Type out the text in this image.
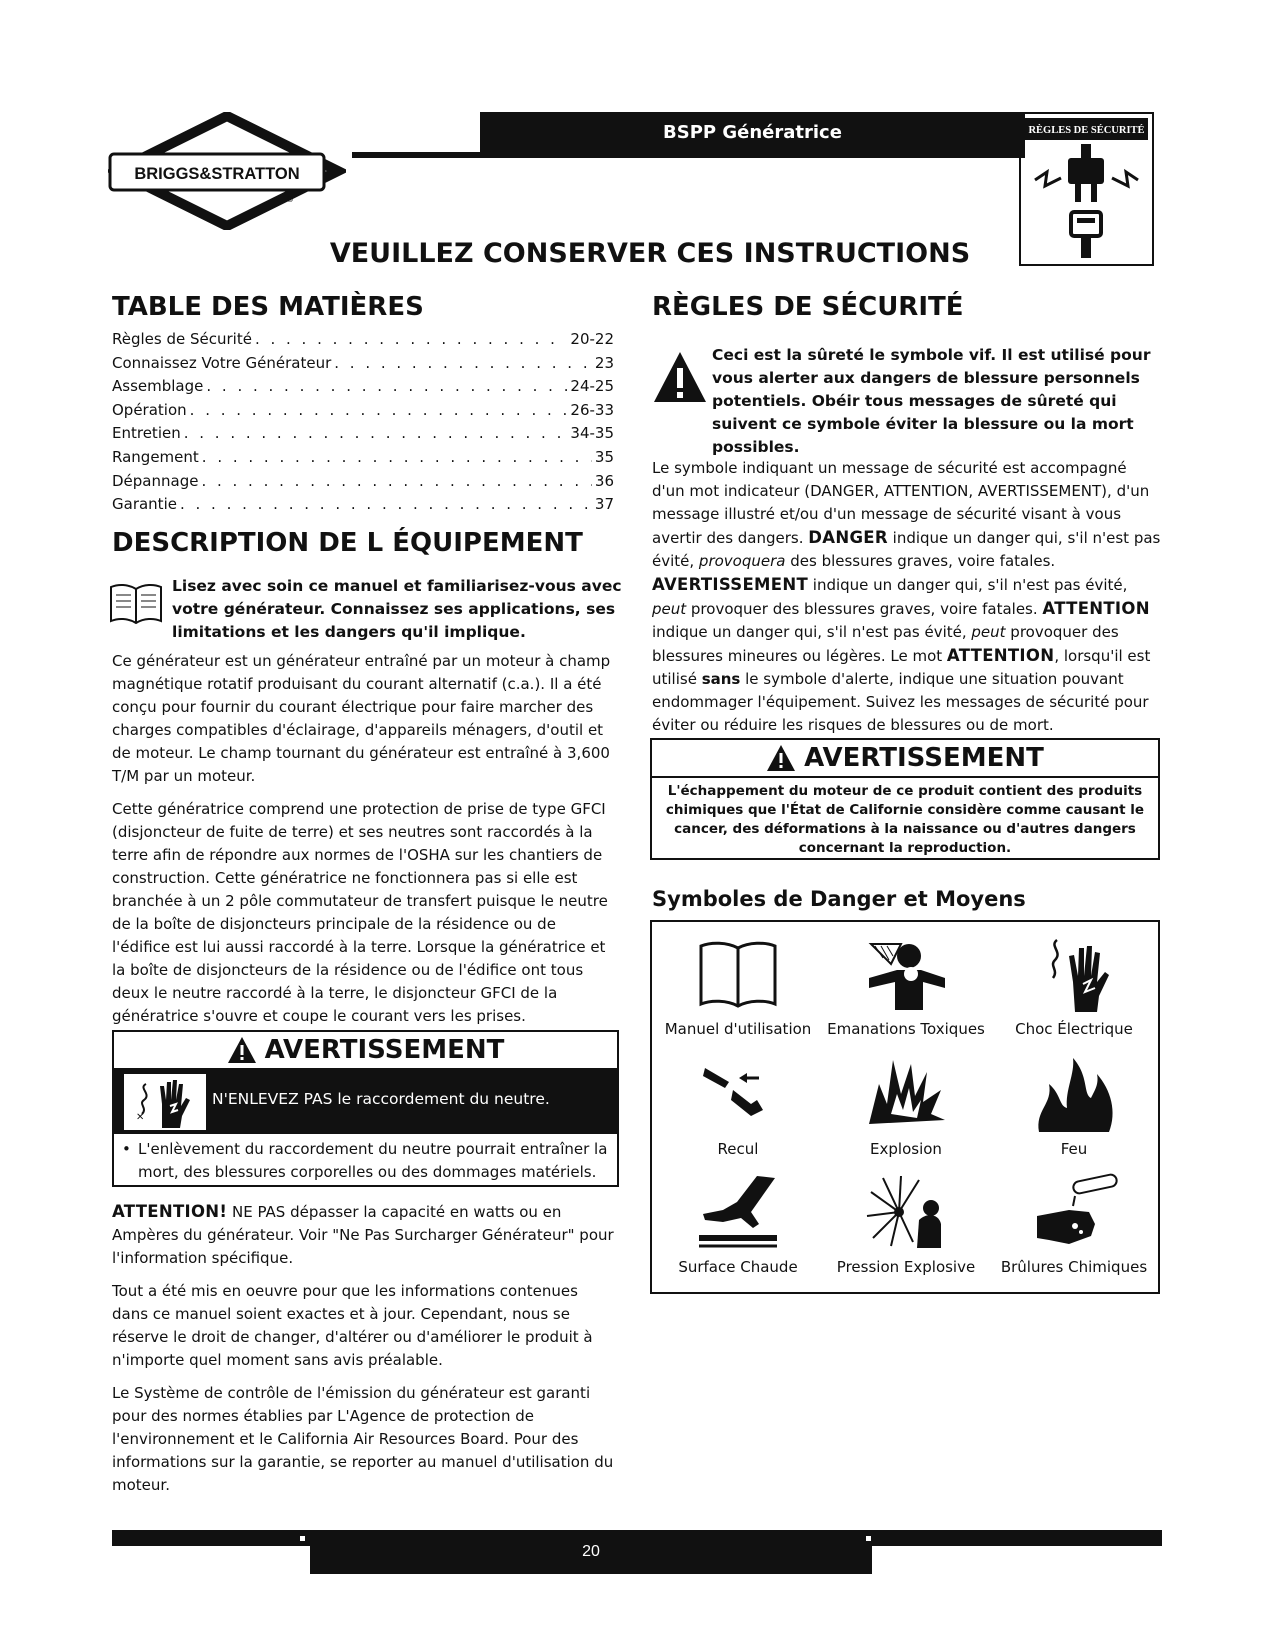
BRIGGS&STRATTON
®
BSPP Génératrice	RÈGLES DE SÉCURITÉ
VEUILLEZ CONSERVER CES INSTRUCTIONS
TABLE DES MATIÈRES
Règles de Sécurité . . .	20-22
Connaissez Votre Générateur . . .	23
Assemblage . . .	24-25
Opération . . .	26-33
Entretien . . .	34-35
Rangement . . .	35
Dépannage . . .	36
Garantie . . .	37
DESCRIPTION DE L ÉQUIPEMENT
Lisez avec soin ce manuel et familiarisez-vous avec votre générateur. Connaissez ses applications, ses limitations et les dangers qu'il implique.

Ce générateur est un générateur entraîné par un moteur à champ magnétique rotatif produisant du courant alternatif (c.a.). Il a été conçu pour fournir du courant électrique pour faire marcher des charges compatibles d'éclairage, d'appareils ménagers, d'outil et de moteur. Le champ tournant du générateur est entraîné à 3,600 T/M par un moteur.

Cette génératrice comprend une protection de prise de type GFCI (disjoncteur de fuite de terre) et ses neutres sont raccordés à la terre afin de répondre aux normes de l'OSHA sur les chantiers de construction. Cette génératrice ne fonctionnera pas si elle est branchée à un 2 pôle commutateur de transfert puisque le neutre de la boîte de disjoncteurs principale de la résidence ou de l'édifice est lui aussi raccordé à la terre. Lorsque la génératrice et la boîte de disjoncteurs de la résidence ou de l'édifice ont tous deux le neutre raccordé à la terre, le disjoncteur GFCI de la génératrice s'ouvre et coupe le courant vers les prises.

AVERTISSEMENT
✕
N'ENLEVEZ PAS le raccordement du neutre.
• L'enlèvement du raccordement du neutre pourrait entraîner la mort, des blessures corporelles ou des dommages matériels.

ATTENTION! NE PAS dépasser la capacité en watts ou en Ampères du générateur. Voir "Ne Pas Surcharger Générateur" pour l'information spécifique.

Tout a été mis en oeuvre pour que les informations contenues dans ce manuel soient exactes et à jour. Cependant, nous se réserve le droit de changer, d'altérer ou d'améliorer le produit à n'importe quel moment sans avis préalable.

Le Système de contrôle de l'émission du générateur est garanti pour des normes établies par L'Agence de protection de l'environnement et le California Air Resources Board. Pour des informations sur la garantie, se reporter au manuel d'utilisation du moteur.

RÈGLES DE SÉCURITÉ
Ceci est la sûreté le symbole vif. Il est utilisé pour vous alerter aux dangers de blessure personnels potentiels. Obéir tous messages de sûreté qui suivent ce symbole éviter la blessure ou la mort possibles.

Le symbole indiquant un message de sécurité est accompagné d'un mot indicateur (DANGER, ATTENTION, AVERTISSEMENT), d'un message illustré et/ou d'un message de sécurité visant à vous avertir des dangers. DANGER indique un danger qui, s'il n'est pas évité, provoquera des blessures graves, voire fatales. AVERTISSEMENT indique un danger qui, s'il n'est pas évité, peut provoquer des blessures graves, voire fatales. ATTENTION indique un danger qui, s'il n'est pas évité, peut provoquer des blessures mineures ou légères. Le mot ATTENTION, lorsqu'il est utilisé sans le symbole d'alerte, indique une situation pouvant endommager l'équipement. Suivez les messages de sécurité pour éviter ou réduire les risques de blessures ou de mort.

AVERTISSEMENT
L'échappement du moteur de ce produit contient des produits chimiques que l'État de Californie considère comme causant le cancer, des déformations à la naissance ou d'autres dangers concernant la reproduction.
Symboles de Danger et Moyens
Manuel d'utilisation	Emanations Toxiques	Choc Électrique
Recul	Explosion	Feu
Surface Chaude	Pression Explosive	Brûlures Chimiques
20
